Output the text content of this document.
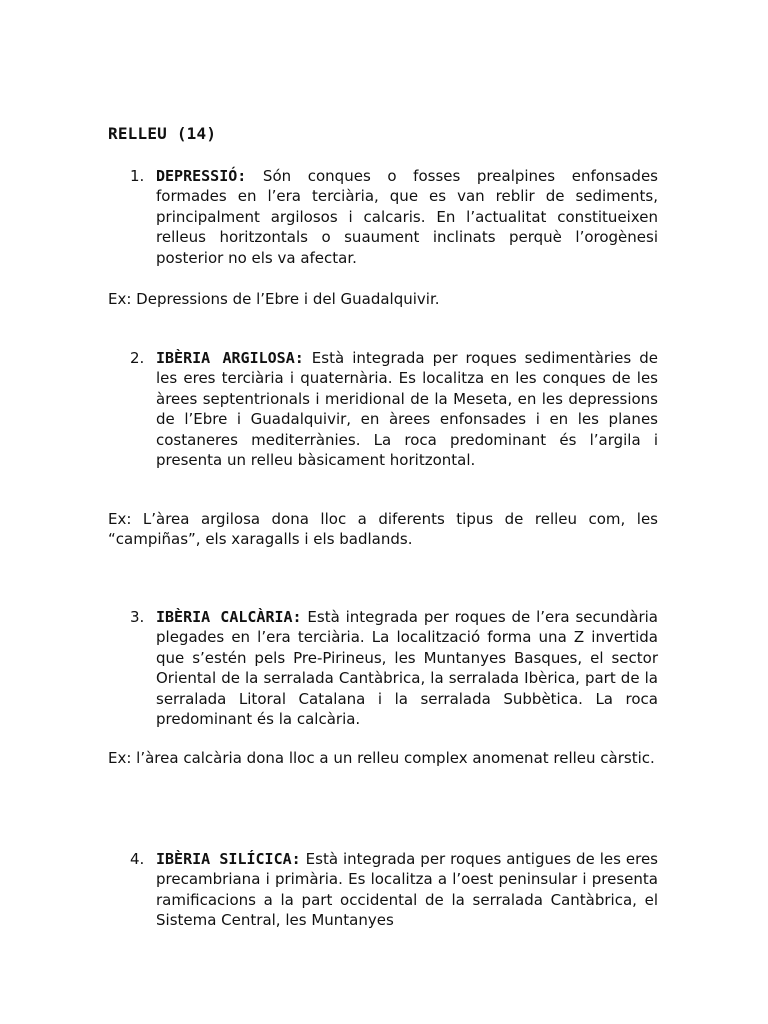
RELLEU (14)
1. DEPRESSIÓ: Són conques o fosses prealpines enfonsades formades en l’era terciària, que es van reblir de sediments, principalment argilosos i calcaris. En l’actualitat constitueixen relleus horitzontals o suaument inclinats perquè l’orogènesi posterior no els va afectar.
Ex: Depressions de l’Ebre i del Guadalquivir.
2. IBÈRIA ARGILOSA: Està integrada per roques sedimentàries de les eres terciària i quaternària. Es localitza en les conques de les àrees septentrionals i meridional de la Meseta, en les depressions de l’Ebre i Guadalquivir, en àrees enfonsades i en les planes costaneres mediterrànies. La roca predominant és l’argila i presenta un relleu bàsicament horitzontal.
Ex: L’àrea argilosa dona lloc a diferents tipus de relleu com, les “campiñas”, els xaragalls i els badlands.
3. IBÈRIA CALCÀRIA: Està integrada per roques de l’era secundària plegades en l’era terciària. La localització forma una Z invertida que s’estén pels Pre-Pirineus, les Muntanyes Basques, el sector Oriental de la serralada Cantàbrica, la serralada Ibèrica, part de la serralada Litoral Catalana i la serralada Subbètica. La roca predominant és la calcària.
Ex: l’àrea calcària dona lloc a un relleu complex anomenat relleu càrstic.
4. IBÈRIA SILÍCICA: Està integrada per roques antigues de les eres precambriana i primària. Es localitza a l’oest peninsular i presenta ramificacions a la part occidental de la serralada Cantàbrica, el Sistema Central, les Muntanyes
